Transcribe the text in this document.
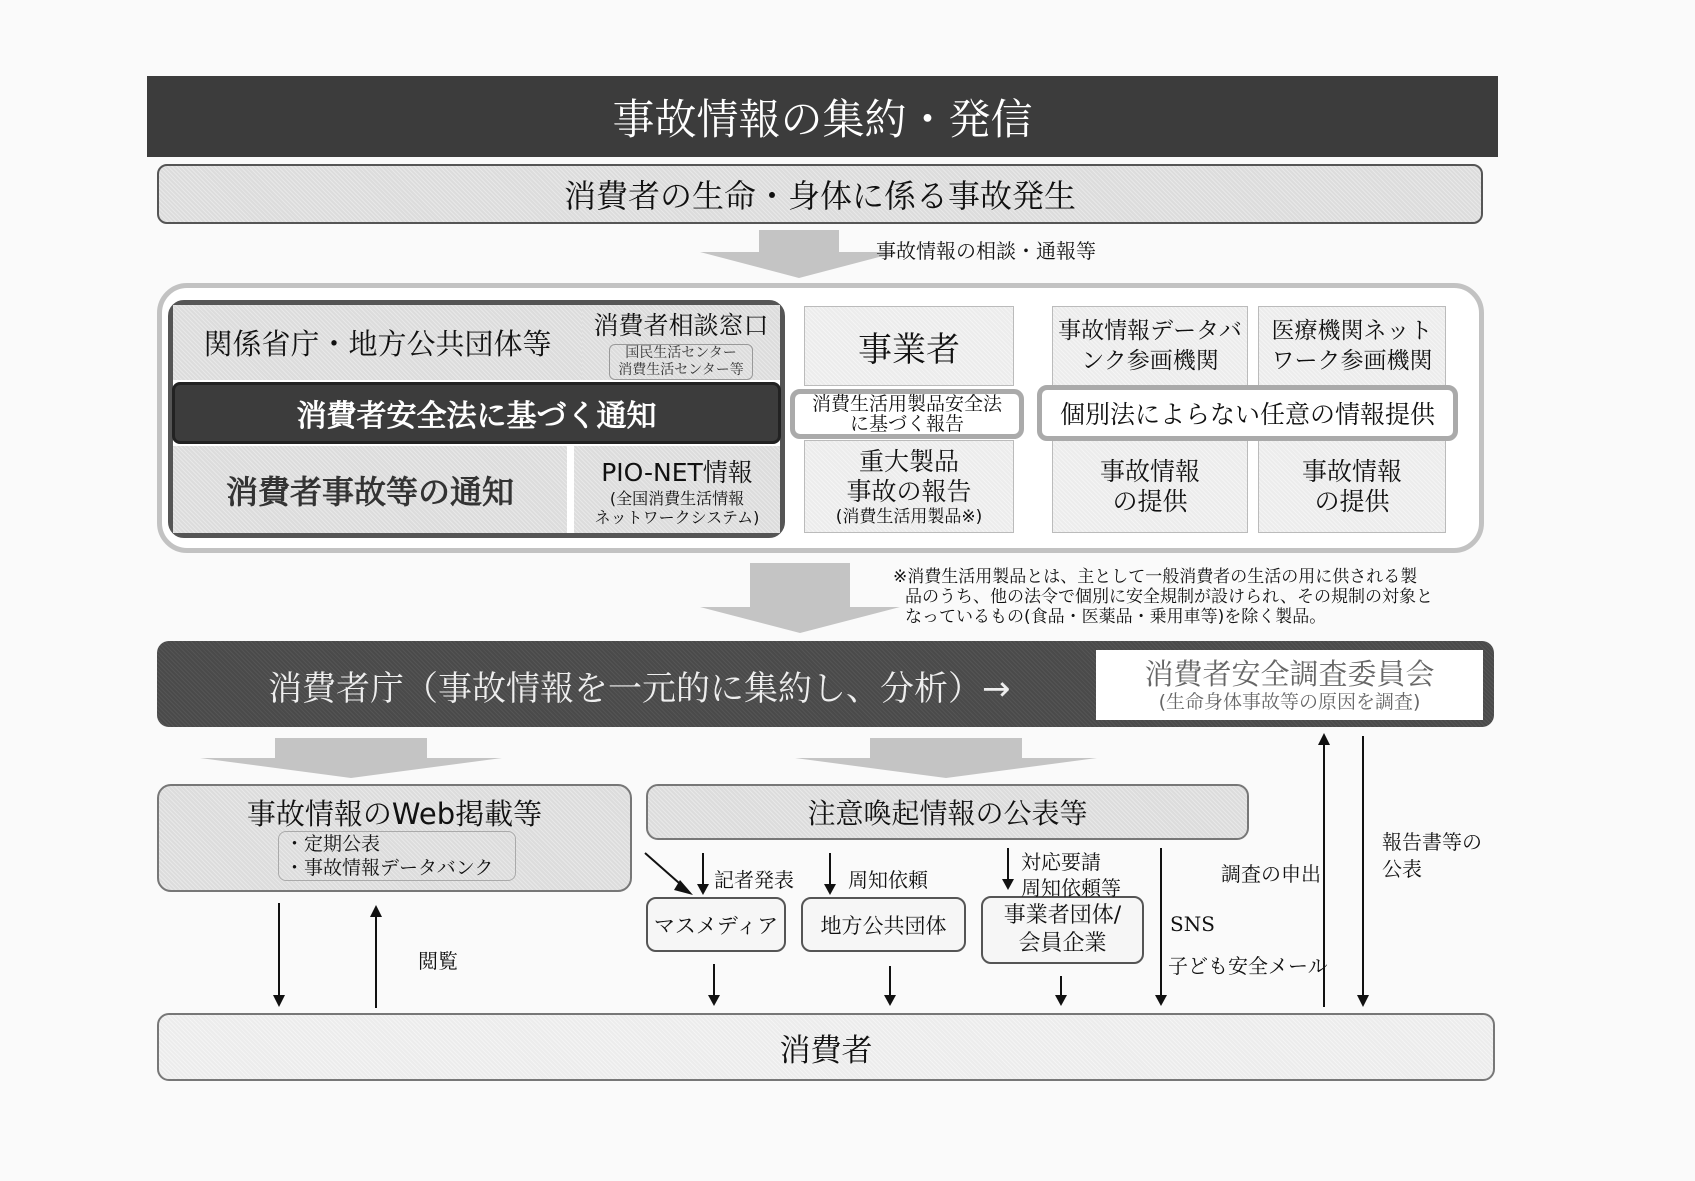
事故情報の集約・発信
消費者の生命・身体に係る事故発生
事故情報の相談・通報等
関係省庁・地方公共団体等
消費者相談窓口
国民生活センター
消費生活センター等
消費者安全法に基づく通知
消費者事故等の通知
PIO-NET情報
(全国消費生活情報
ネットワークシステム)
事業者
重大製品
事故の報告
(消費生活用製品※)
消費生活用製品安全法
に基づく報告
事故情報データバ
ンク参画機関
医療機関ネット
ワーク参画機関
事故情報
の提供
事故情報
の提供
個別法によらない任意の情報提供
※消費生活用製品とは、主として一般消費者の生活の用に供される製
品のうち、他の法令で個別に安全規制が設けられ、その規制の対象と
なっているもの(食品・医薬品・乗用車等)を除く製品。
消費者庁（事故情報を一元的に集約し、分析）→	消費者安全調査委員会
(生命身体事故等の原因を調査)
事故情報のWeb掲載等
・定期公表
・事故情報データバンク
注意喚起情報の公表等
マスメディア 地方公共団体	事業者団体/
会員企業
閲覧
記者発表	周知依頼
対応要請
周知依頼等
SNS
子ども安全メール
調査の申出
報告書等の
公表
消費者
